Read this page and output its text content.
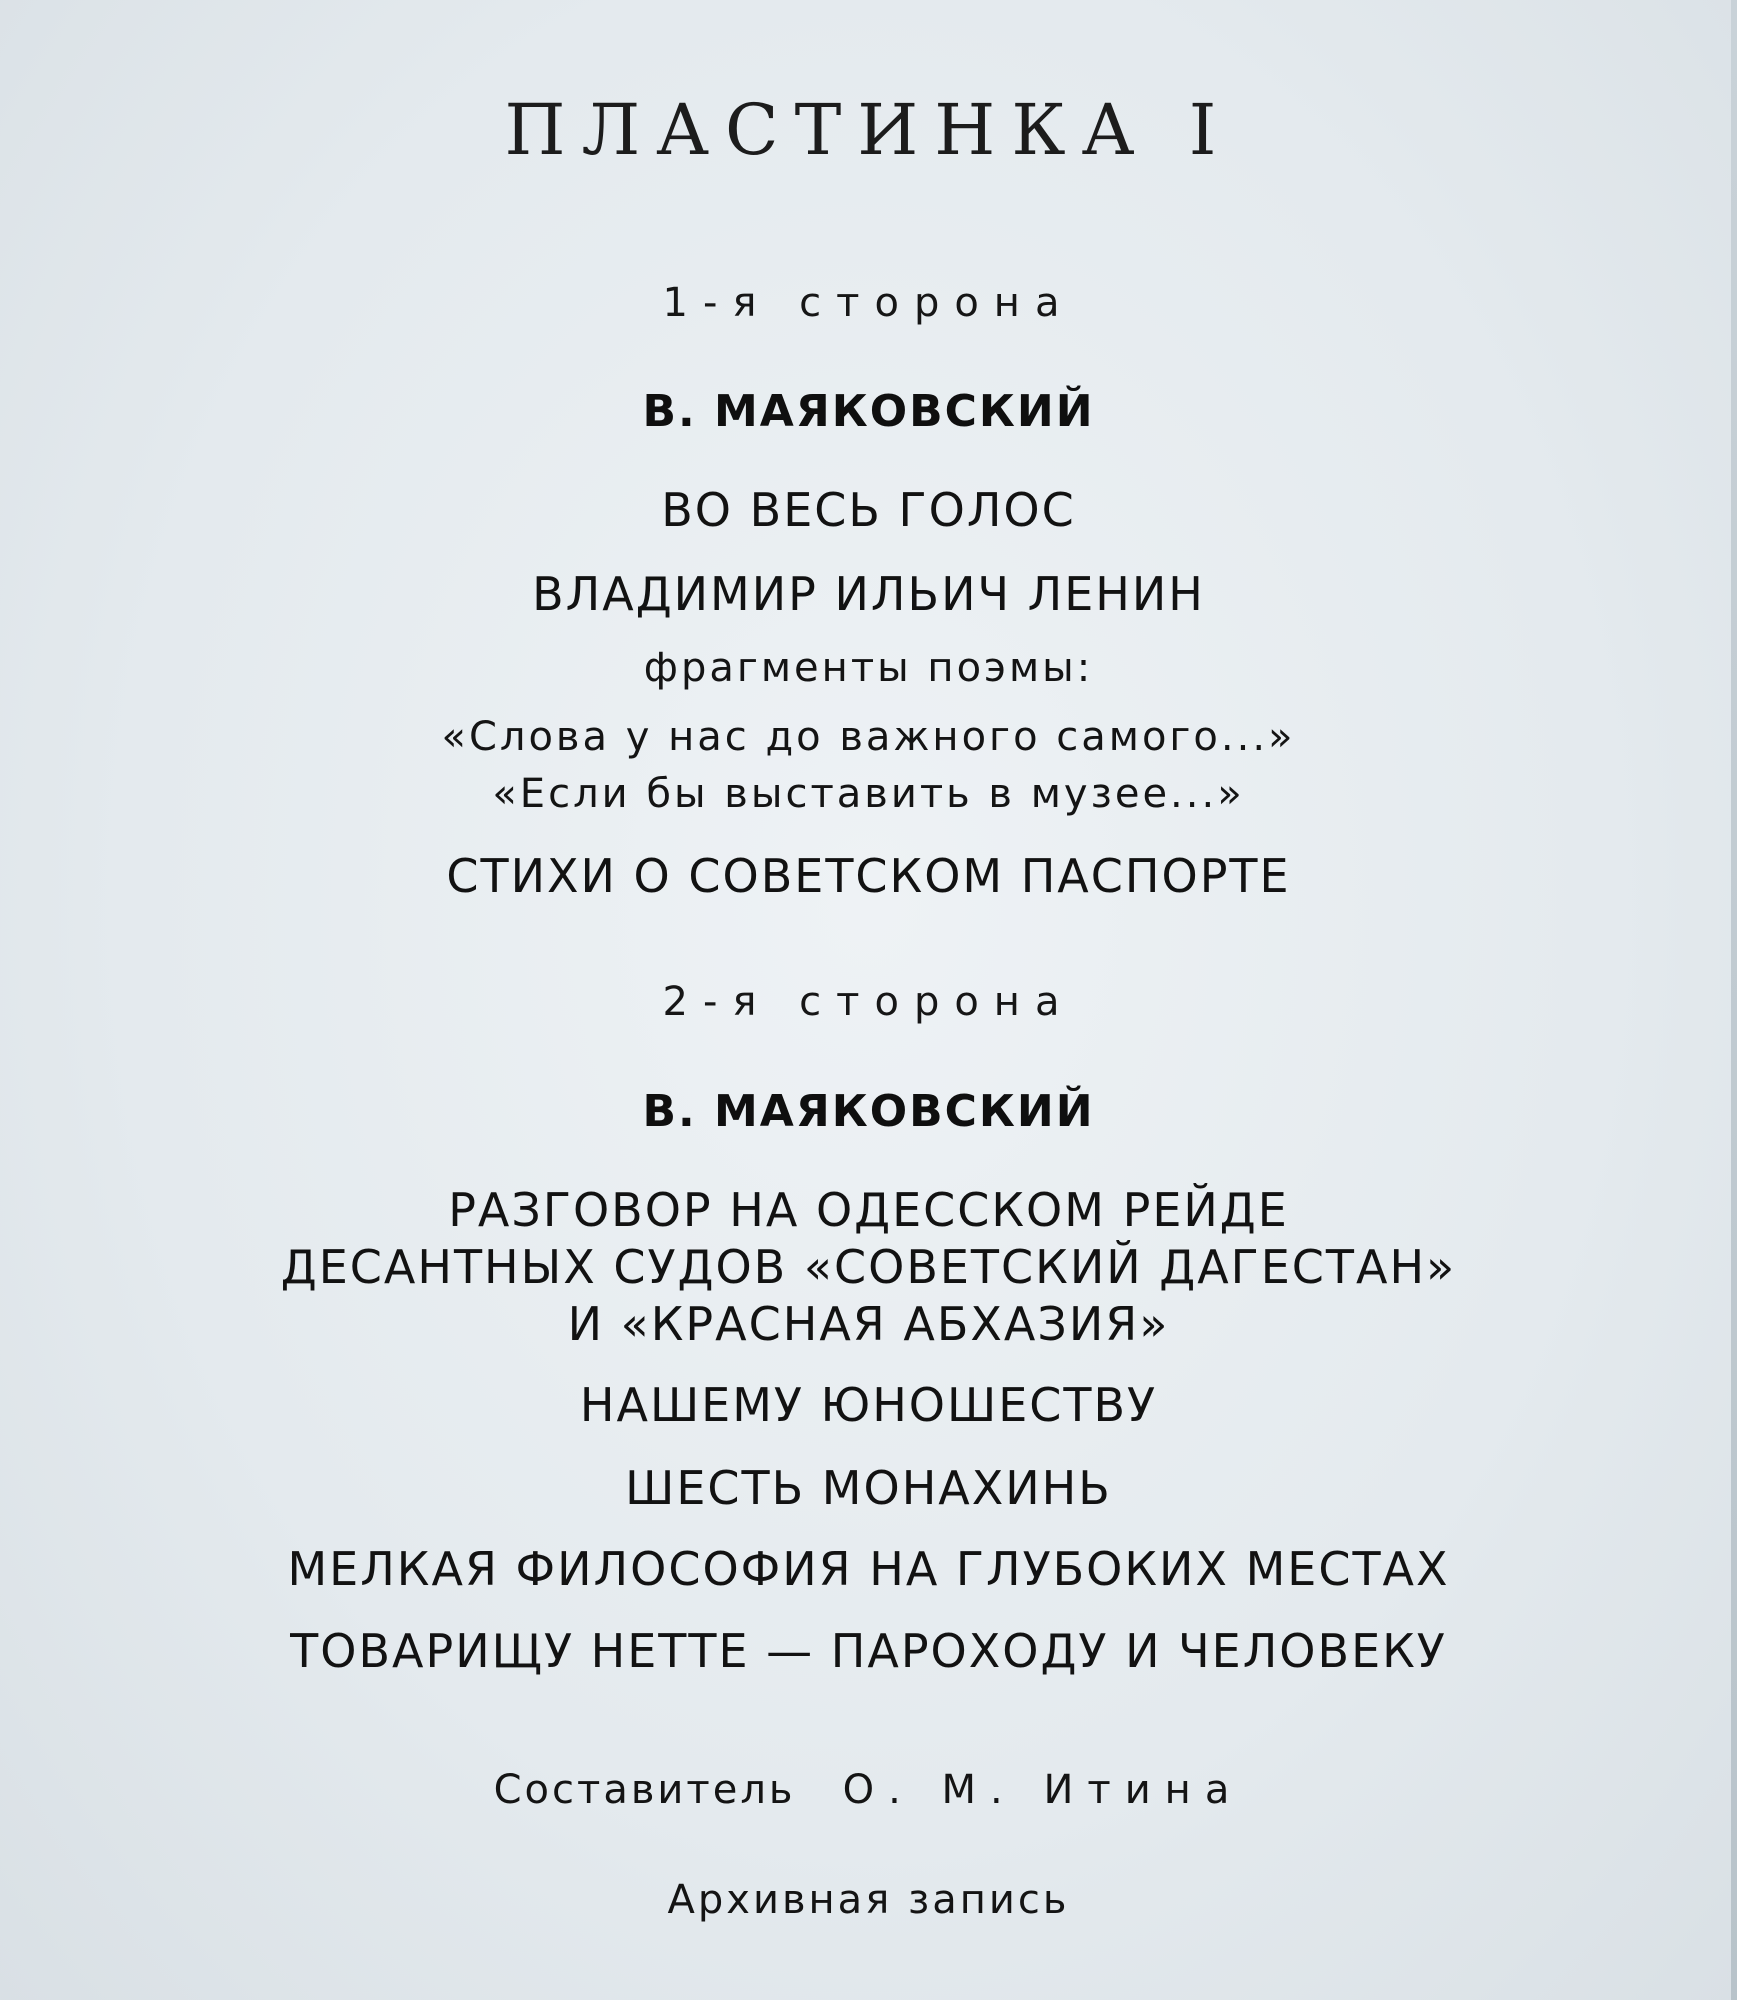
ПЛАСТИНКА I
1-я сторона
В. МАЯКОВСКИЙ
ВО ВЕСЬ ГОЛОС
ВЛАДИМИР ИЛЬИЧ ЛЕНИН
фрагменты поэмы:
«Слова у нас до важного самого...»
«Если бы выставить в музее...»
СТИХИ О СОВЕТСКОМ ПАСПОРТЕ
2-я сторона
В. МАЯКОВСКИЙ
РАЗГОВОР НА ОДЕССКОМ РЕЙДЕ
ДЕСАНТНЫХ СУДОВ «СОВЕТСКИЙ ДАГЕСТАН»
И «КРАСНАЯ АБХАЗИЯ»
НАШЕМУ ЮНОШЕСТВУ
ШЕСТЬ МОНАХИНЬ
МЕЛКАЯ ФИЛОСОФИЯ НА ГЛУБОКИХ МЕСТАХ
ТОВАРИЩУ НЕТТЕ — ПАРОХОДУ И ЧЕЛОВЕКУ
Составитель О. М. Итина
Архивная запись
